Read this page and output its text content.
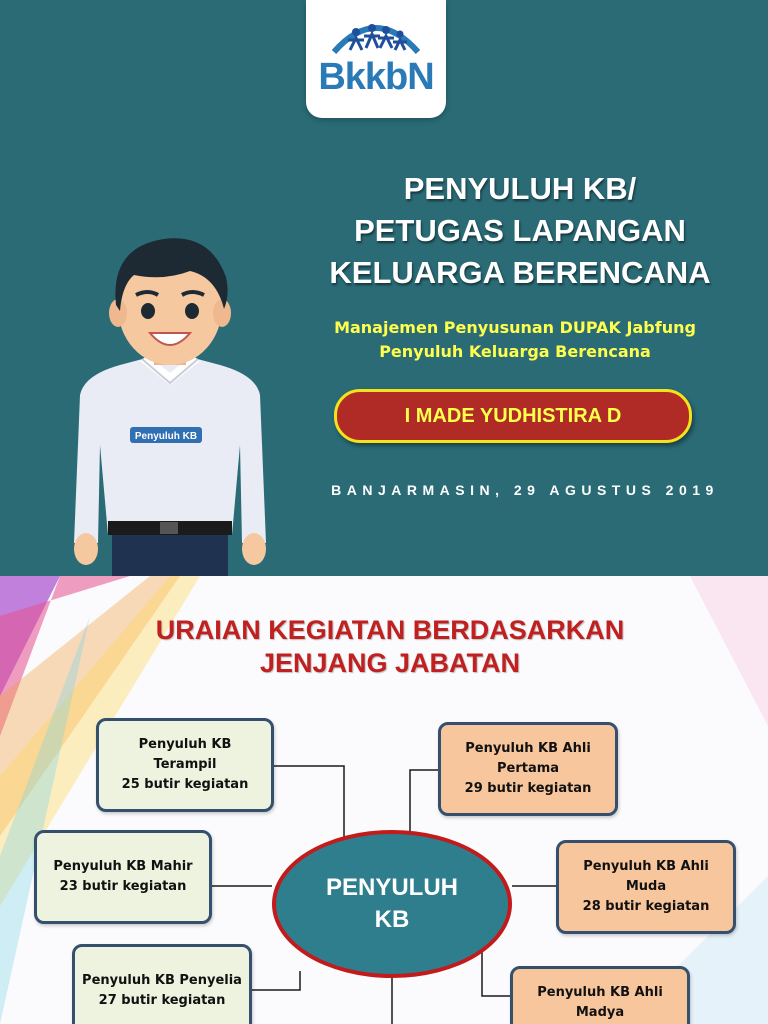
BkkbN
Penyuluh KB
PENYULUH KB/
PETUGAS LAPANGAN
KELUARGA BERENCANA
Manajemen Penyusunan DUPAK Jabfung
Penyuluh Keluarga Berencana
I MADE YUDHISTIRA D
BANJARMASIN, 29 AGUSTUS 2019
URAIAN KEGIATAN BERDASARKAN
JENJANG JABATAN
Penyuluh KB
Terampil
25 butir kegiatan
Penyuluh KB Mahir
23 butir kegiatan
Penyuluh KB Penyelia
27 butir kegiatan
Penyuluh KB Ahli
Pertama
29 butir kegiatan
Penyuluh KB Ahli
Muda
28 butir kegiatan
Penyuluh KB Ahli
Madya
PENYULUH
KB
